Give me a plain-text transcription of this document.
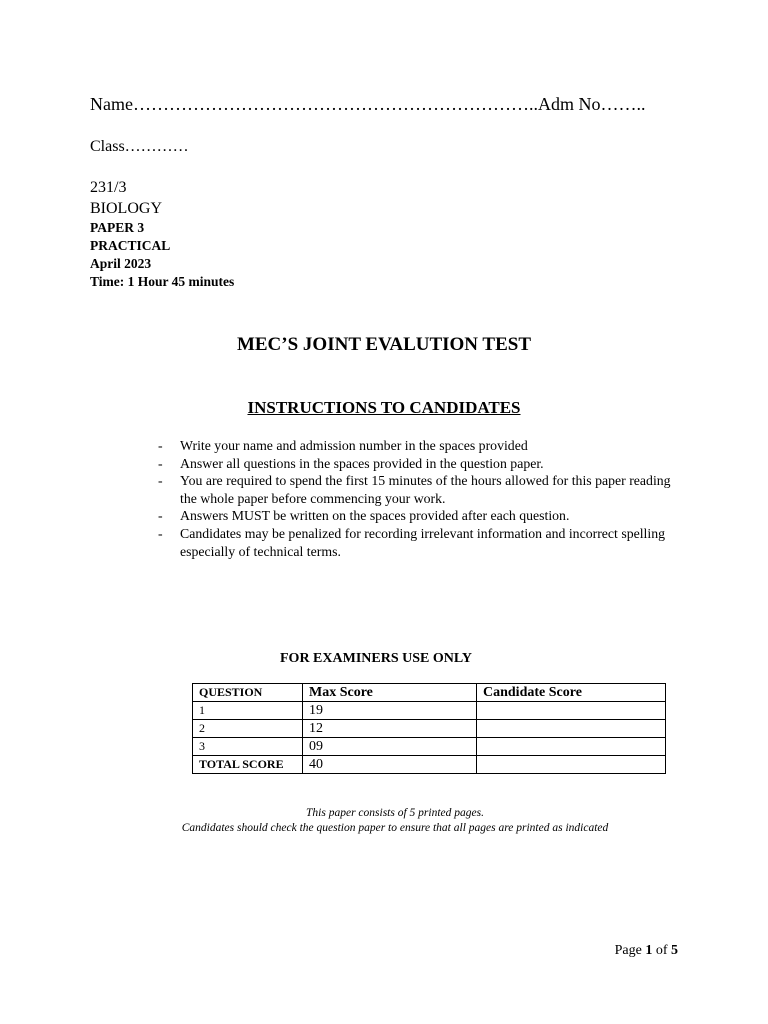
Name…………………………………………………………..Adm No……..
Class…………
231/3
BIOLOGY
PAPER 3
PRACTICAL
April 2023
Time: 1 Hour 45 minutes
MEC’S JOINT EVALUTION TEST
INSTRUCTIONS TO CANDIDATES
-	Write your name and admission number in the spaces provided
-	Answer all questions in the spaces provided in the question paper.
-	You are required to spend the first 15 minutes of the hours allowed for this paper reading the whole paper before commencing your work.
-	Answers MUST be written on the spaces provided after each question.
-	Candidates may be penalized for recording irrelevant information and incorrect spelling especially of technical terms.
FOR EXAMINERS USE ONLY
QUESTION	Max Score	Candidate Score
1	19	
2	12	
3	09	
TOTAL SCORE	40	
This paper consists of 5 printed pages.
Candidates should check the question paper to ensure that all pages are printed as indicated
Page 1 of 5
